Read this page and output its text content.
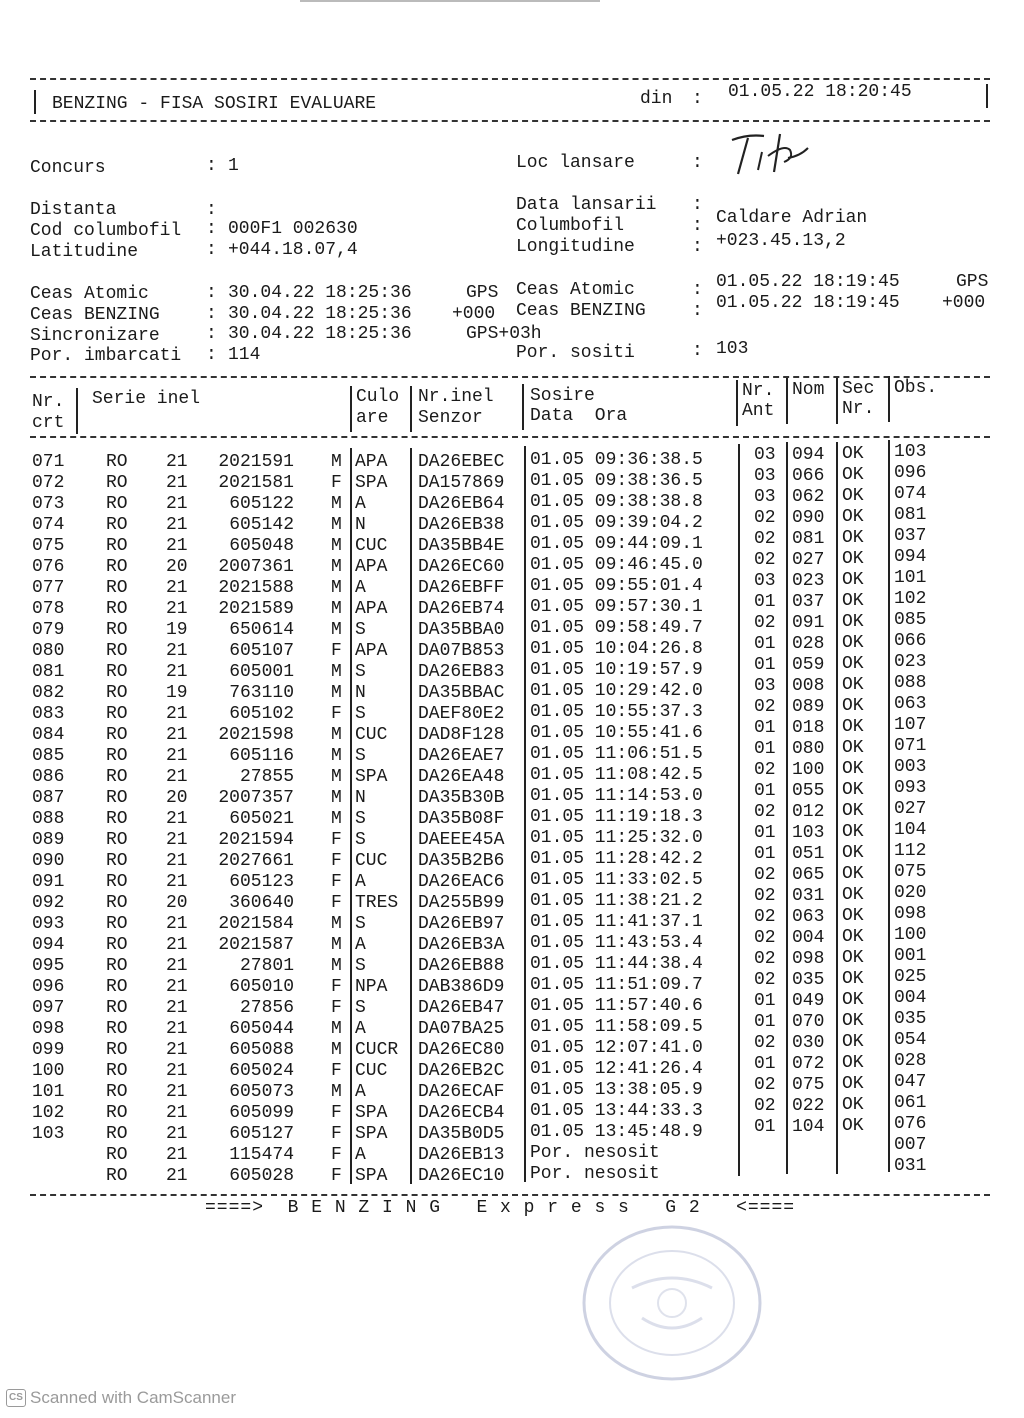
BENZING - FISA SOSIRI EVALUARE	din : 01.05.22 18:20:45
Concurs	: 1	Loc lansare	:
Distanta	:	Data lansarii :
Cod columbofil : 000F1 002630	Columbofil	: Caldare Adrian
Latitudine	: +044.18.07,4	Longitudine	: +023.45.13,2
Ceas Atomic	: 30.04.22 18:25:36	GPS Ceas Atomic	: 01.05.22 18:19:45	GPS
Ceas BENZING	: 30.04.22 18:25:36 +000 Ceas BENZING	: 01.05.22 18:19:45 +000
Sincronizare	: 30.04.22 18:25:36	GPS+03h
Por. imbarcati : 114	Por. sositi	: 103
Nr.
crt
Serie inel	Culo
are
Nr.inel
Senzor
Sosire
Data  Ora
Nr.
Ant
Nom Sec
Nr.
Obs.
071 RO 21	2021591 M APA DA26EBEC 01.05 09:36:38.5	03 094 OK 103
072 RO 21	2021581 F SPA DA157869 01.05 09:38:36.5	03 066 OK 096
073 RO 21	605122 M A	DA26EB64 01.05 09:38:38.8	03 062 OK 074
074 RO 21	605142 M N	DA26EB38 01.05 09:39:04.2	02 090 OK 081
075 RO 21	605048 M CUC DA35BB4E 01.05 09:44:09.1	02 081 OK 037
076 RO 20	2007361 M APA DA26EC60 01.05 09:46:45.0	02 027 OK 094
077 RO 21	2021588 M A	DA26EBFF 01.05 09:55:01.4	03 023 OK 101
078 RO 21	2021589 M APA DA26EB74 01.05 09:57:30.1	01 037 OK 102
079 RO 19	650614 M S	DA35BBA0 01.05 09:58:49.7	02 091 OK 085
080 RO 21	605107 F APA DA07B853 01.05 10:04:26.8	01 028 OK 066
081 RO 21	605001 M S	DA26EB83 01.05 10:19:57.9	01 059 OK 023
082 RO 19	763110 M N	DA35BBAC 01.05 10:29:42.0	03 008 OK 088
083 RO 21	605102 F S	DAEF80E2 01.05 10:55:37.3	02 089 OK 063
084 RO 21	2021598 M CUC DAD8F128 01.05 10:55:41.6	01 018 OK 107
085 RO 21	605116 M S	DA26EAE7 01.05 11:06:51.5	01 080 OK 071
086 RO 21	27855 M SPA DA26EA48 01.05 11:08:42.5	02 100 OK 003
087 RO 20	2007357 M N	DA35B30B 01.05 11:14:53.0	01 055 OK 093
088 RO 21	605021 M S	DA35B08F 01.05 11:19:18.3	02 012 OK 027
089 RO 21	2021594 F S	DAEEE45A 01.05 11:25:32.0	01 103 OK 104
090 RO 21	2027661 F CUC DA35B2B6 01.05 11:28:42.2	01 051 OK 112
091 RO 21	605123 F A	DA26EAC6 01.05 11:33:02.5	02 065 OK 075
092 RO 20	360640 F TRES DA255B99 01.05 11:38:21.2	02 031 OK 020
093 RO 21	2021584 M S	DA26EB97 01.05 11:41:37.1	02 063 OK 098
094 RO 21	2021587 M A	DA26EB3A 01.05 11:43:53.4	02 004 OK 100
095 RO 21	27801 M S	DA26EB88 01.05 11:44:38.4	02 098 OK 001
096 RO 21	605010 F NPA DAB386D9 01.05 11:51:09.7	02 035 OK 025
097 RO 21	27856 F S	DA26EB47 01.05 11:57:40.6	01 049 OK 004
098 RO 21	605044 M A	DA07BA25 01.05 11:58:09.5	01 070 OK 035
099 RO 21	605088 M CUCR DA26EC80 01.05 12:07:41.0	02 030 OK 054
100 RO 21	605024 F CUC DA26EB2C 01.05 12:41:26.4	01 072 OK 028
101 RO 21	605073 M A	DA26ECAF 01.05 13:38:05.9	02 075 OK 047
102 RO 21	605099 F SPA DA26ECB4 01.05 13:44:33.3	02 022 OK 061
103 RO 21	605127 F SPA DA35B0D5 01.05 13:45:48.9	01 104 OK 076
RO 21	115474 F A	DA26EB13 Por. nesosit	007
RO 21	605028 F SPA DA26EC10 Por. nesosit	031
====>  B E N Z I N G   E x p r e s s   G 2   <====
CS Scanned with CamScanner
